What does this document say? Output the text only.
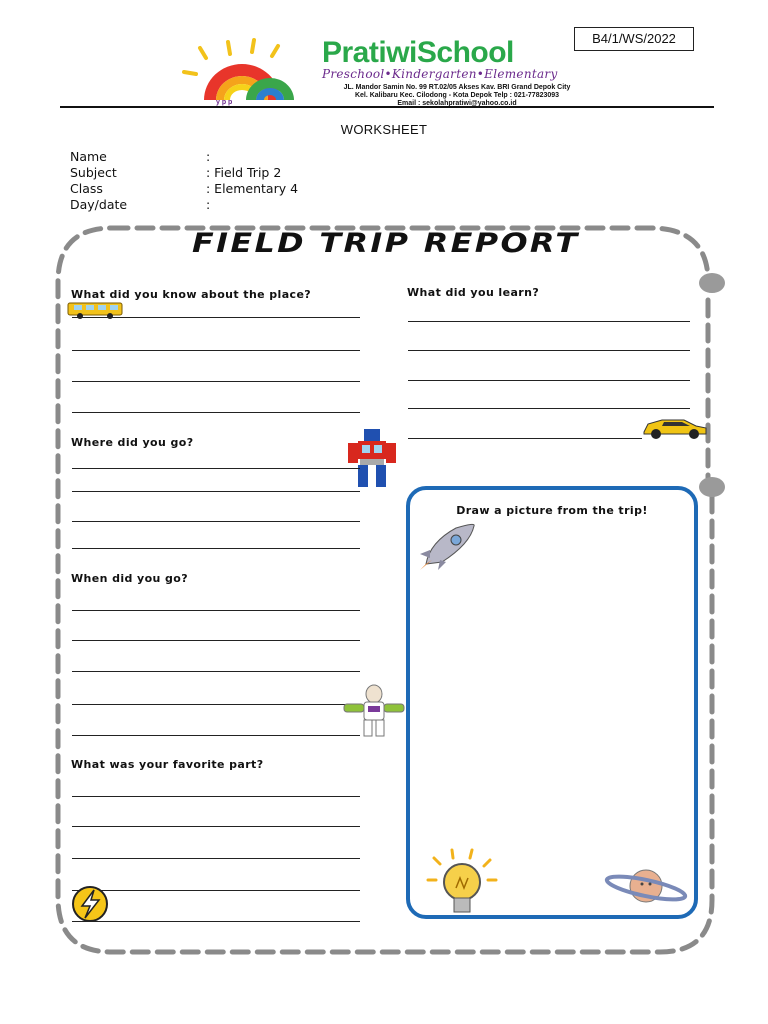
B4/1/WS/2022
y p p
PratiwiSchool
Preschool•Kindergarten•Elementary
JL. Mandor Samin No. 99 RT.02/05 Akses Kav. BRI Grand Depok City
Kel. Kalibaru Kec. Cilodong - Kota Depok Telp : 021-77823093
Email : sekolahpratiwi@yahoo.co.id
WORKSHEET
Name	:
Subject	: Field Trip 2
Class	: Elementary 4
Day/date	:
FIELD TRIP REPORT
What did you know about the place?
Where did you go?
When did you go?
What was your favorite part?
What did you learn?
Draw a picture from the trip!
